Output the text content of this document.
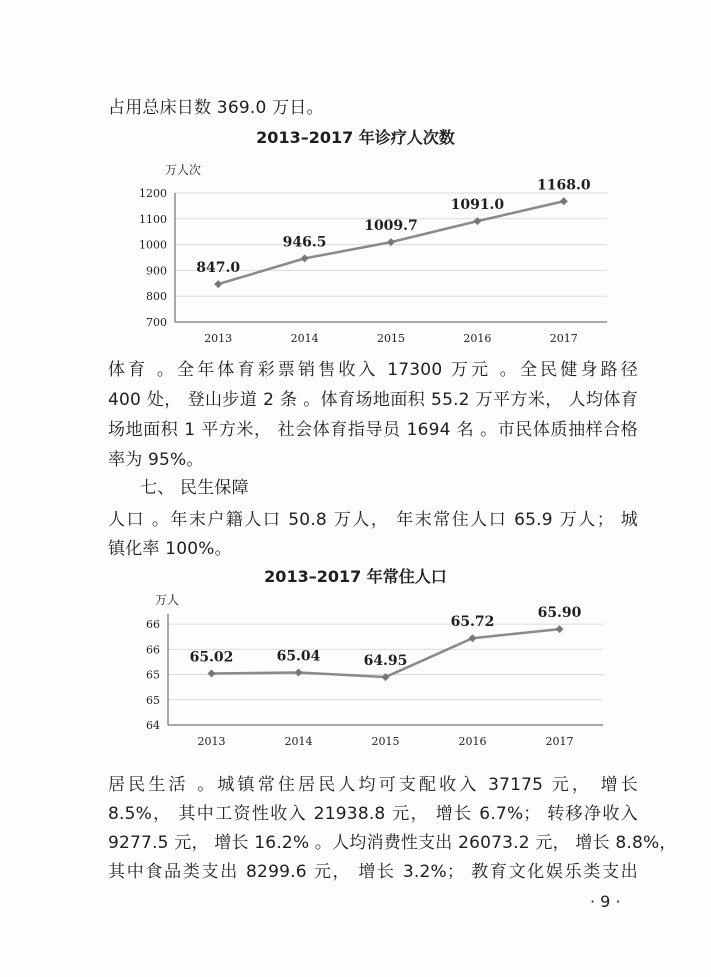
占用总床日数 369.0 万日。

2013–2017 年诊疗人次数
万人次
700
800
900
1000
1100
1200
2013	2014	2015	2016	2017
847.0
946.5
1009.7
1091.0
1168.0

体育 。全年体育彩票销售收入 17300 万元 。全民健身路径

400 处， 登山步道 2 条 。体育场地面积 55.2 万平方米， 人均体育

场地面积 1 平方米， 社会体育指导员 1694 名 。市民体质抽样合格

率为 95%。

七、 民生保障

人口 。年末户籍人口 50.8 万人， 年末常住人口 65.9 万人； 城

镇化率 100%。

2013–2017 年常住人口
万人
64
65
65
66
66
2013	2014	2015	2016	2017
65.02	65.04	64.95
65.72
65.90

居民生活 。城镇常住居民人均可支配收入 37175 元， 增长

8.5%， 其中工资性收入 21938.8 元， 增长 6.7%； 转移净收入

9277.5 元， 增长 16.2% 。人均消费性支出 26073.2 元， 增长 8.8%，

其中食品类支出 8299.6 元， 增长 3.2%； 教育文化娱乐类支出

· 9 ·
